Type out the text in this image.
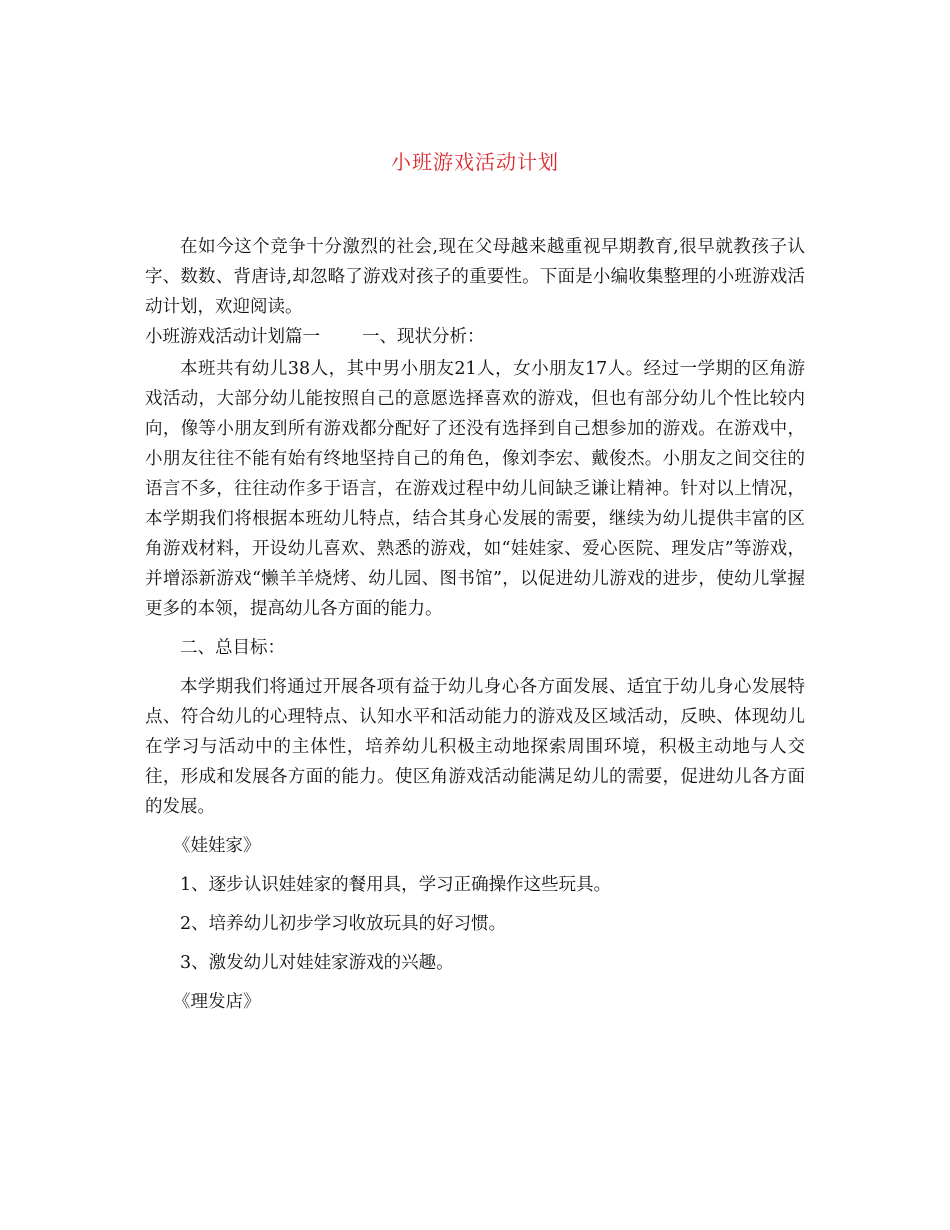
小班游戏活动计划

在如今这个竞争十分激烈的社会,现在父母越来越重视早期教育,很早就教孩子认字、数数、背唐诗,却忽略了游戏对孩子的重要性。下面是小编收集整理的小班游戏活动计划，欢迎阅读。

小班游戏活动计划篇一 一、现状分析：

本班共有幼儿38人，其中男小朋友21人，女小朋友17人。经过一学期的区角游戏活动，大部分幼儿能按照自己的意愿选择喜欢的游戏，但也有部分幼儿个性比较内向，像等小朋友到所有游戏都分配好了还没有选择到自己想参加的游戏。在游戏中，小朋友往往不能有始有终地坚持自己的角色，像刘李宏、戴俊杰。小朋友之间交往的语言不多，往往动作多于语言，在游戏过程中幼儿间缺乏谦让精神。针对以上情况，本学期我们将根据本班幼儿特点，结合其身心发展的需要，继续为幼儿提供丰富的区角游戏材料，开设幼儿喜欢、熟悉的游戏，如“娃娃家、爱心医院、理发店”等游戏，并增添新游戏“懒羊羊烧烤、幼儿园、图书馆”，以促进幼儿游戏的进步，使幼儿掌握更多的本领，提高幼儿各方面的能力。

二、总目标：

本学期我们将通过开展各项有益于幼儿身心各方面发展、适宜于幼儿身心发展特点、符合幼儿的心理特点、认知水平和活动能力的游戏及区域活动，反映、体现幼儿在学习与活动中的主体性，培养幼儿积极主动地探索周围环境，积极主动地与人交往，形成和发展各方面的能力。使区角游戏活动能满足幼儿的需要，促进幼儿各方面的发展。

《娃娃家》

1、逐步认识娃娃家的餐用具，学习正确操作这些玩具。

2、培养幼儿初步学习收放玩具的好习惯。

3、激发幼儿对娃娃家游戏的兴趣。

《理发店》
